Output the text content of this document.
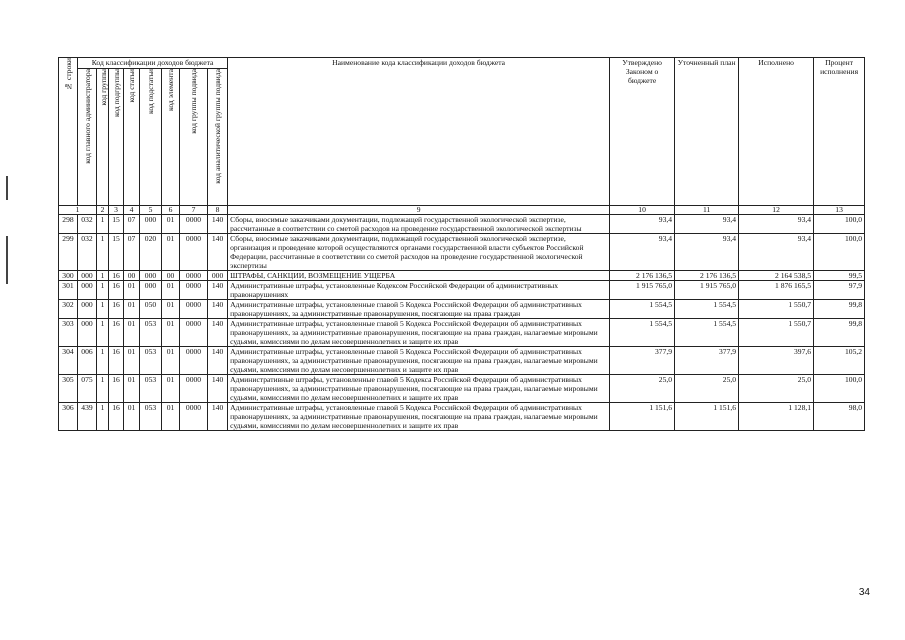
№ строки	Код классификации доходов бюджета								Наименование кода классификации доходов бюджета	Утверждено Законом о бюджете	Уточненный план	Исполнено	Процент исполнения
	код главного администратора	код группы	код подгруппы	код статьи	код подстатьи	код элемента	код группы подвида	код аналитической группы подвида					
1		2	3	4	5	6	7	8	9	10	11	12	13
298	032	1	15	07	000	01	0000	140	Сборы, вносимые заказчиками документации, подлежащей государственной экологической экспертизе, рассчитанные в соответствии со сметой расходов на проведение государственной экологической экспертизы	93,4	93,4	93,4	100,0
299	032	1	15	07	020	01	0000	140	Сборы, вносимые заказчиками документации, подлежащей государственной экологической экспертизе, организация и проведение которой осуществляются органами государственной власти субъектов Российской Федерации, рассчитанные в соответствии со сметой расходов на проведение государственной экологической экспертизы	93,4	93,4	93,4	100,0
300	000	1	16	00	000	00	0000	000	ШТРАФЫ, САНКЦИИ, ВОЗМЕЩЕНИЕ УЩЕРБА	2 176 136,5	2 176 136,5	2 164 538,5	99,5
301	000	1	16	01	000	01	0000	140	Административные штрафы, установленные Кодексом Российской Федерации об административных правонарушениях	1 915 765,0	1 915 765,0	1 876 165,5	97,9
302	000	1	16	01	050	01	0000	140	Административные штрафы, установленные главой 5 Кодекса Российской Федерации об административных правонарушениях, за административные правонарушения, посягающие на права граждан	1 554,5	1 554,5	1 550,7	99,8
303	000	1	16	01	053	01	0000	140	Административные штрафы, установленные главой 5 Кодекса Российской Федерации об административных правонарушениях, за административные правонарушения, посягающие на права граждан, налагаемые мировыми судьями, комиссиями по делам несовершеннолетних и защите их прав	1 554,5	1 554,5	1 550,7	99,8
304	006	1	16	01	053	01	0000	140	Административные штрафы, установленные главой 5 Кодекса Российской Федерации об административных правонарушениях, за административные правонарушения, посягающие на права граждан, налагаемые мировыми судьями, комиссиями по делам несовершеннолетних и защите их прав	377,9	377,9	397,6	105,2
305	075	1	16	01	053	01	0000	140	Административные штрафы, установленные главой 5 Кодекса Российской Федерации об административных правонарушениях, за административные правонарушения, посягающие на права граждан, налагаемые мировыми судьями, комиссиями по делам несовершеннолетних и защите их прав	25,0	25,0	25,0	100,0
306	439	1	16	01	053	01	0000	140	Административные штрафы, установленные главой 5 Кодекса Российской Федерации об административных правонарушениях, за административные правонарушения, посягающие на права граждан, налагаемые мировыми судьями, комиссиями по делам несовершеннолетних и защите их прав	1 151,6	1 151,6	1 128,1	98,0
34
